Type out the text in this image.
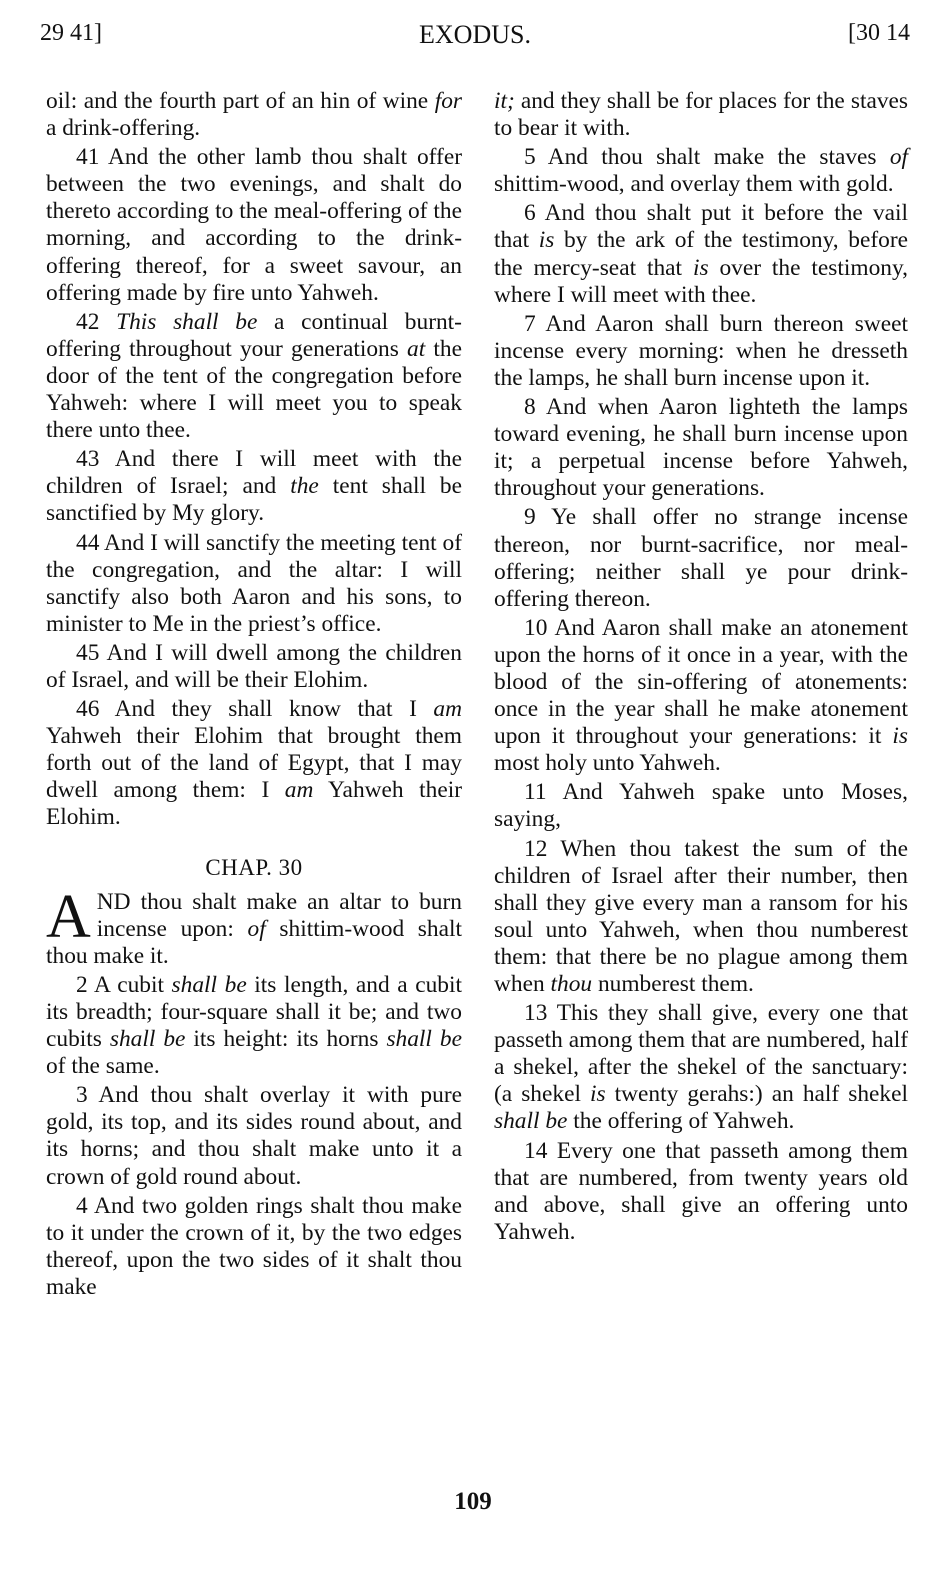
29 41]	EXODUS.	[30 14

oil: and the fourth part of an hin of wine for a drink-offering.

41 And the other lamb thou shalt offer between the two evenings, and shalt do thereto according to the meal-offering of the morning, and according to the drink-offering thereof, for a sweet savour, an offering made by fire unto Yahweh.

42 This shall be a continual burnt-offering throughout your generations at the door of the tent of the congregation before Yahweh: where I will meet you to speak there unto thee.

43 And there I will meet with the children of Israel; and the tent shall be sanctified by My glory.

44 And I will sanctify the meeting tent of the congregation, and the altar: I will sanctify also both Aaron and his sons, to minister to Me in the priest’s office.

45 And I will dwell among the children of Israel, and will be their Elohim.

46 And they shall know that I am Yahweh their Elohim that brought them forth out of the land of Egypt, that I may dwell among them: I am Yahweh their Elohim.

CHAP. 30

AND thou shalt make an altar to burn incense upon: of shittim-wood shalt thou make it.

2 A cubit shall be its length, and a cubit its breadth; four-square shall it be; and two cubits shall be its height: its horns shall be of the same.

3 And thou shalt overlay it with pure gold, its top, and its sides round about, and its horns; and thou shalt make unto it a crown of gold round about.

4 And two golden rings shalt thou make to it under the crown of it, by the two edges thereof, upon the two sides of it shalt thou make

it; and they shall be for places for the staves to bear it with.

5 And thou shalt make the staves of shittim-wood, and overlay them with gold.

6 And thou shalt put it before the vail that is by the ark of the testimony, before the mercy-seat that is over the testimony, where I will meet with thee.

7 And Aaron shall burn thereon sweet incense every morning: when he dresseth the lamps, he shall burn incense upon it.

8 And when Aaron lighteth the lamps toward evening, he shall burn incense upon it; a perpetual incense before Yahweh, throughout your generations.

9 Ye shall offer no strange incense thereon, nor burnt-sacrifice, nor meal-offering; neither shall ye pour drink-offering thereon.

10 And Aaron shall make an atonement upon the horns of it once in a year, with the blood of the sin-offering of atonements: once in the year shall he make atonement upon it throughout your generations: it is most holy unto Yahweh.

11 And Yahweh spake unto Moses, saying,

12 When thou takest the sum of the children of Israel after their number, then shall they give every man a ransom for his soul unto Yahweh, when thou numberest them: that there be no plague among them when thou numberest them.

13 This they shall give, every one that passeth among them that are numbered, half a shekel, after the shekel of the sanctuary: (a shekel is twenty gerahs:) an half shekel shall be the offering of Yahweh.

14 Every one that passeth among them that are numbered, from twenty years old and above, shall give an offering unto Yahweh.

109
